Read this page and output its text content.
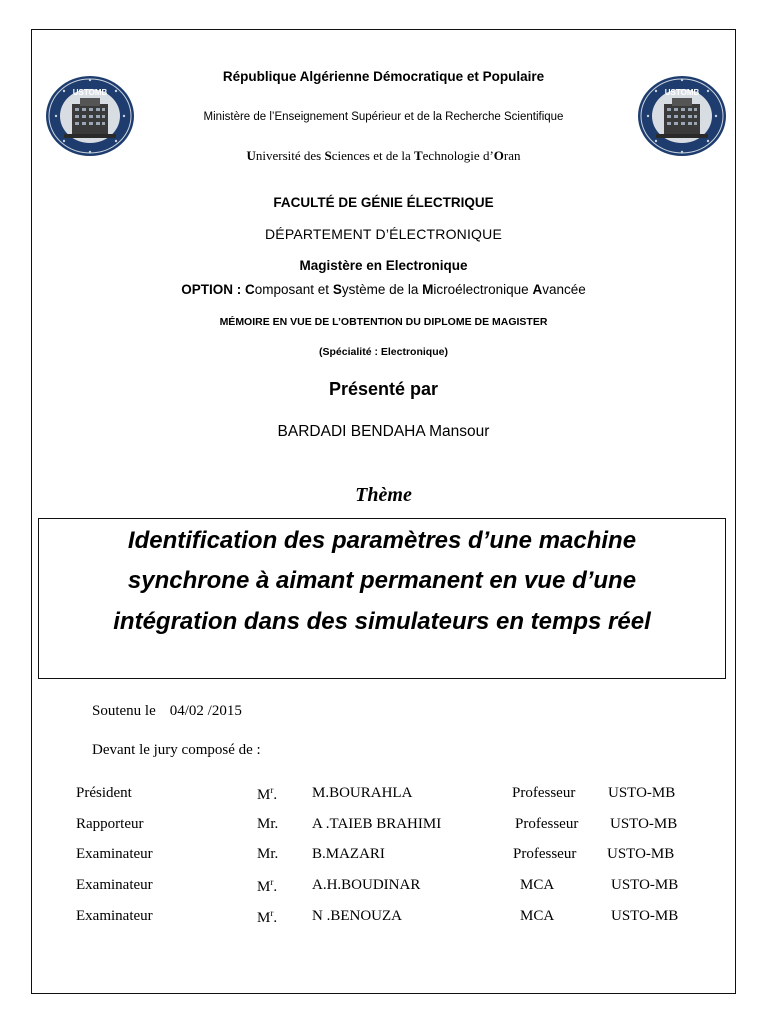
USTOMB	USTOMB
République Algérienne Démocratique et Populaire
Ministère de l’Enseignement Supérieur et de la Recherche Scientifique
Université des Sciences et de la Technologie d’Oran
FACULTÉ DE GÉNIE ÉLECTRIQUE
DÉPARTEMENT D’ÉLECTRONIQUE
Magistère en Electronique
OPTION : Composant et Système de la Microélectronique Avancée
MÉMOIRE EN VUE DE L’OBTENTION DU DIPLOME DE MAGISTER
(Spécialité : Electronique)
Présenté par
BARDADI BENDAHA Mansour
Thème
Identification des paramètres d’une machine
synchrone à aimant permanent en vue d’une
intégration dans des simulateurs en temps réel
Soutenu le 04/02 /2015
Devant le jury composé de :
Président	$M^r$. M.BOURAHLA	Professeur USTO-MB
Rapporteur	Mr. A .TAIEB BRAHIMI	Professeur USTO-MB
Examinateur	Mr. B.MAZARI	Professeur USTO-MB
Examinateur	$M^r$. A.H.BOUDINAR	MCA	USTO-MB
Examinateur	$M^r$. N .BENOUZA	MCA	USTO-MB
